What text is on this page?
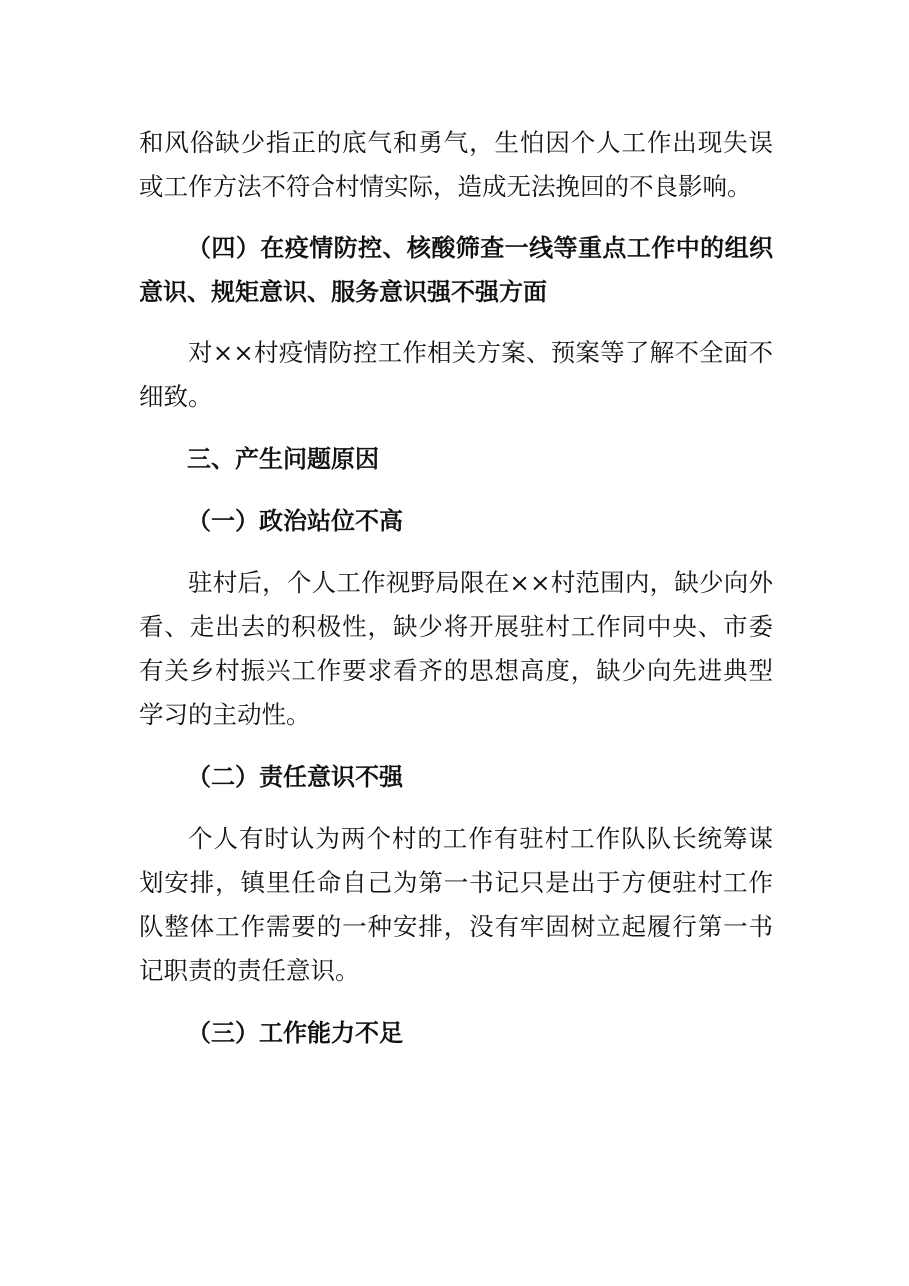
和风俗缺少指正的底气和勇气，生怕因个人工作出现失误或工作方法不符合村情实际，造成无法挽回的不良影响。

（四）在疫情防控、核酸筛查一线等重点工作中的组织意识、规矩意识、服务意识强不强方面

对××村疫情防控工作相关方案、预案等了解不全面不细致。

三、产生问题原因

（一）政治站位不高

驻村后，个人工作视野局限在××村范围内，缺少向外看、走出去的积极性，缺少将开展驻村工作同中央、市委有关乡村振兴工作要求看齐的思想高度，缺少向先进典型学习的主动性。

（二）责任意识不强

个人有时认为两个村的工作有驻村工作队队长统筹谋划安排，镇里任命自己为第一书记只是出于方便驻村工作队整体工作需要的一种安排，没有牢固树立起履行第一书记职责的责任意识。

（三）工作能力不足
